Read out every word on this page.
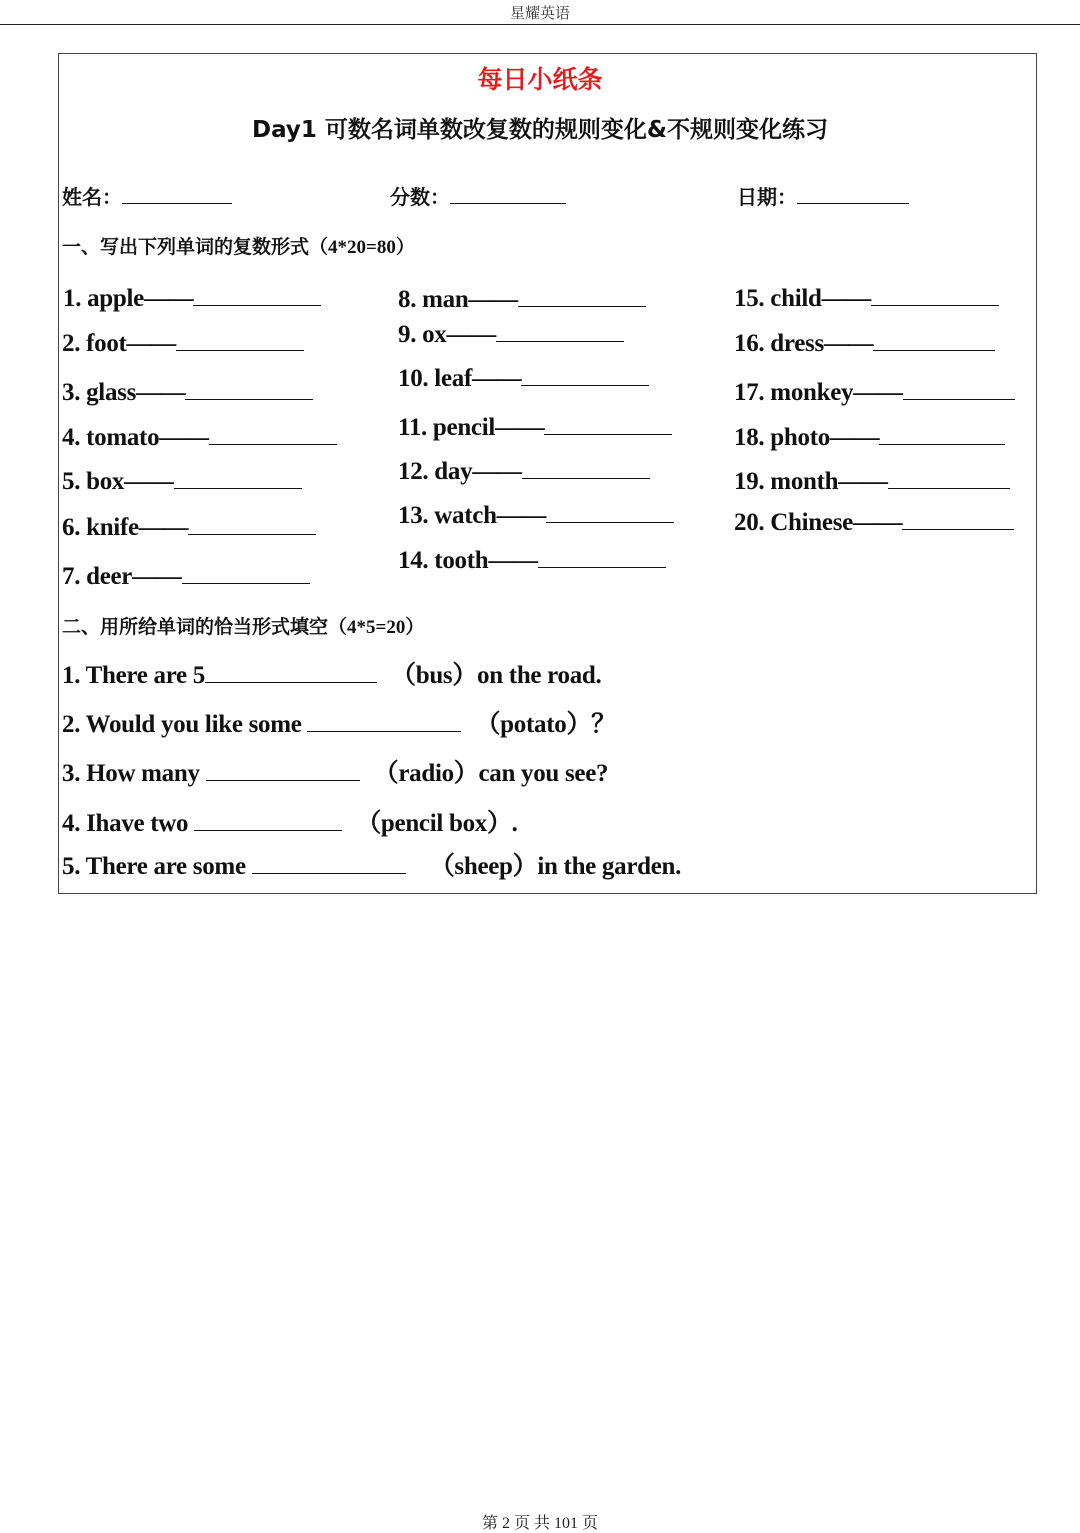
星耀英语
每日小纸条
Day1 可数名词单数改复数的规则变化&不规则变化练习
姓名：	分数：	日期：
一、写出下列单词的复数形式（4*20=80）
1. apple——
2. foot——
3. glass——
4. tomato——
5. box——
6. knife——
7. deer——
8. man——
9. ox——
10. leaf——
11. pencil——
12. day——
13. watch——
14. tooth——
15. child——
16. dress——
17. monkey——
18. photo——
19. month——
20. Chinese——
二、用所给单词的恰当形式填空（4*5=20）
1. There are 5	（bus）on the road.
2. Would you like some	（potato）？
3. How many	（radio）can you see?
4. Ihave two	（pencil box）.
5. There are some	（sheep）in the garden.
第 2 页 共 101 页
